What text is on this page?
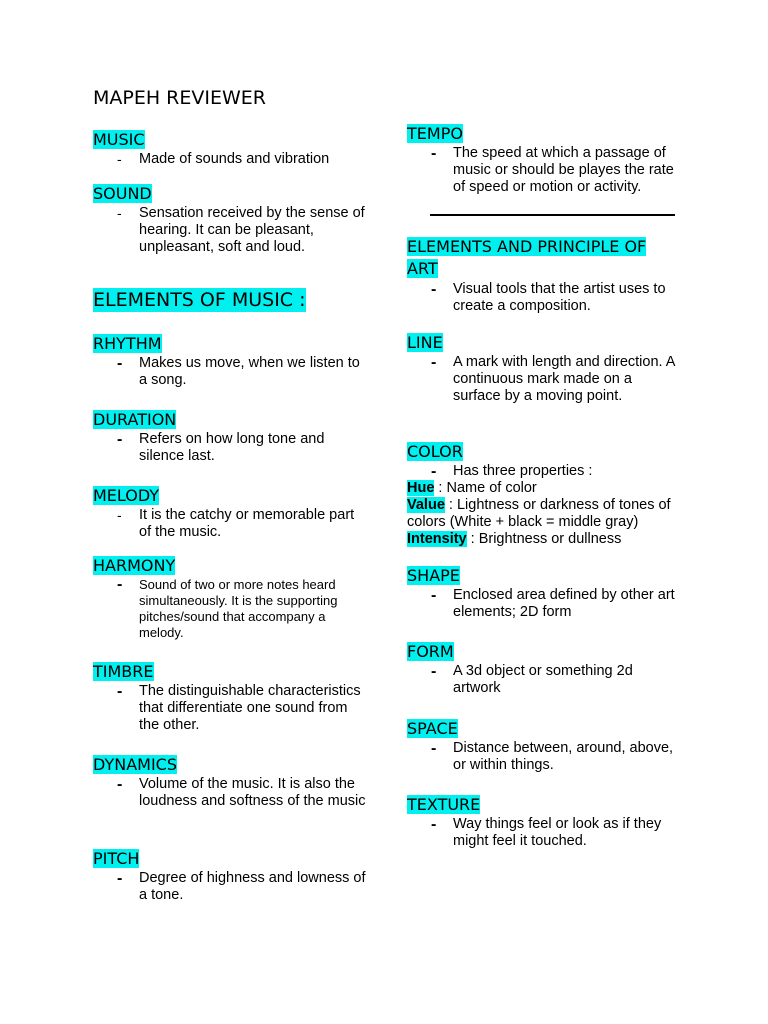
MAPEH REVIEWER
MUSIC
- Made of sounds and vibration
SOUND
- Sensation received by the sense of hearing. It can be pleasant, unpleasant, soft and loud.
ELEMENTS OF MUSIC :
RHYTHM
- Makes us move, when we listen to a song.
DURATION
- Refers on how long tone and silence last.
MELODY
- It is the catchy or memorable part of the music.
HARMONY
- Sound of two or more notes heard simultaneously. It is the supporting pitches/sound that accompany a melody.
TIMBRE
- The distinguishable characteristics that differentiate one sound from the other.
DYNAMICS
- Volume of the music. It is also the loudness and softness of the music
PITCH
- Degree of highness and lowness of a tone.
TEMPO
- The speed at which a passage of music or should be playes the rate of speed or motion or activity.
ELEMENTS AND PRINCIPLE OF ART
- Visual tools that the artist uses to create a composition.
LINE
- A mark with length and direction. A continuous mark made on a surface by a moving point.
COLOR
- Has three properties :
Hue : Name of color
Value : Lightness or darkness of tones of colors (White + black = middle gray)
Intensity : Brightness or dullness
SHAPE
- Enclosed area defined by other art elements; 2D form
FORM
- A 3d object or something 2d artwork
SPACE
- Distance between, around, above, or within things.
TEXTURE
- Way things feel or look as if they might feel it touched.
